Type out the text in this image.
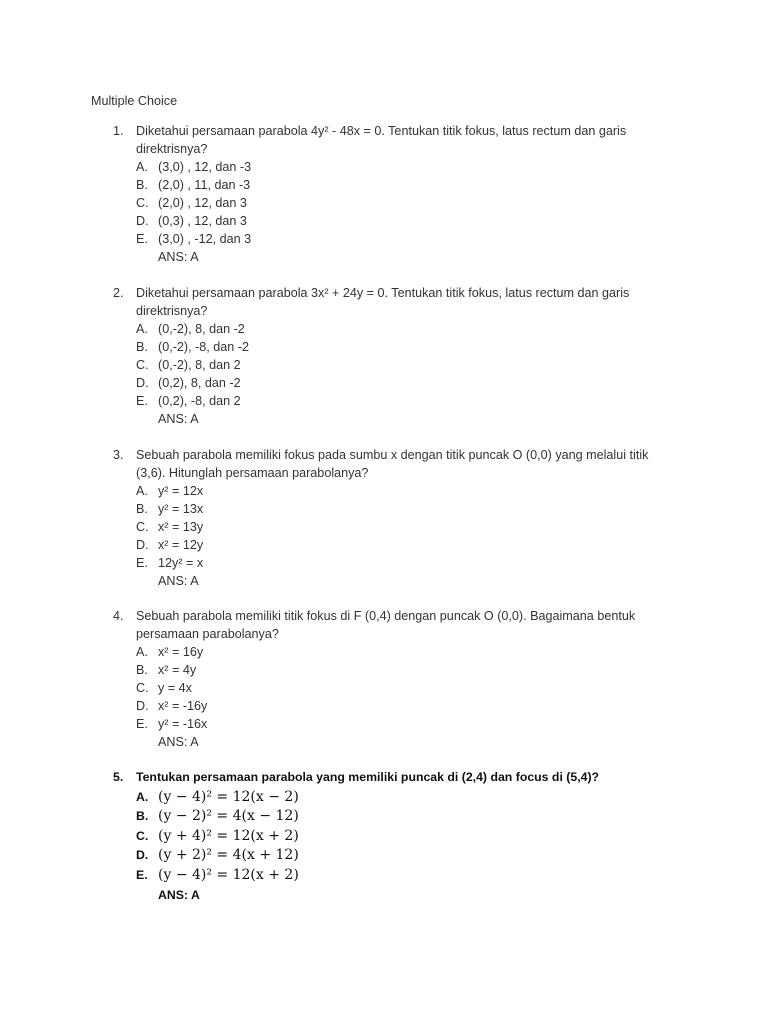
Multiple Choice
1. Diketahui persamaan parabola 4y² - 48x = 0. Tentukan titik fokus, latus rectum dan garis
direktrisnya?
A. (3,0) , 12, dan -3
B. (2,0) , 11, dan -3
C. (2,0) , 12, dan 3
D. (0,3) , 12, dan 3
E. (3,0) , -12, dan 3
ANS: A
2. Diketahui persamaan parabola 3x² + 24y = 0. Tentukan titik fokus, latus rectum dan garis
direktrisnya?
A. (0,-2), 8, dan -2
B. (0,-2), -8, dan -2
C. (0,-2), 8, dan 2
D. (0,2), 8, dan -2
E. (0,2), -8, dan 2
ANS: A
3. Sebuah parabola memiliki fokus pada sumbu x dengan titik puncak O (0,0) yang melalui titik
(3,6). Hitunglah persamaan parabolanya?
A. y² = 12x
B. y² = 13x
C. x² = 13y
D. x² = 12y
E. 12y² = x
ANS: A
4. Sebuah parabola memiliki titik fokus di F (0,4) dengan puncak O (0,0). Bagaimana bentuk
persamaan parabolanya?
A. x² = 16y
B. x² = 4y
C. y = 4x
D. x² = -16y
E. y² = -16x
ANS: A
5. Tentukan persamaan parabola yang memiliki puncak di (2,4) dan focus di (5,4)?
A. (y − 4)² = 12(x − 2)
B. (y − 2)² = 4(x − 12)
C. (y + 4)² = 12(x + 2)
D. (y + 2)² = 4(x + 12)
E. (y − 4)² = 12(x + 2)
ANS: A
